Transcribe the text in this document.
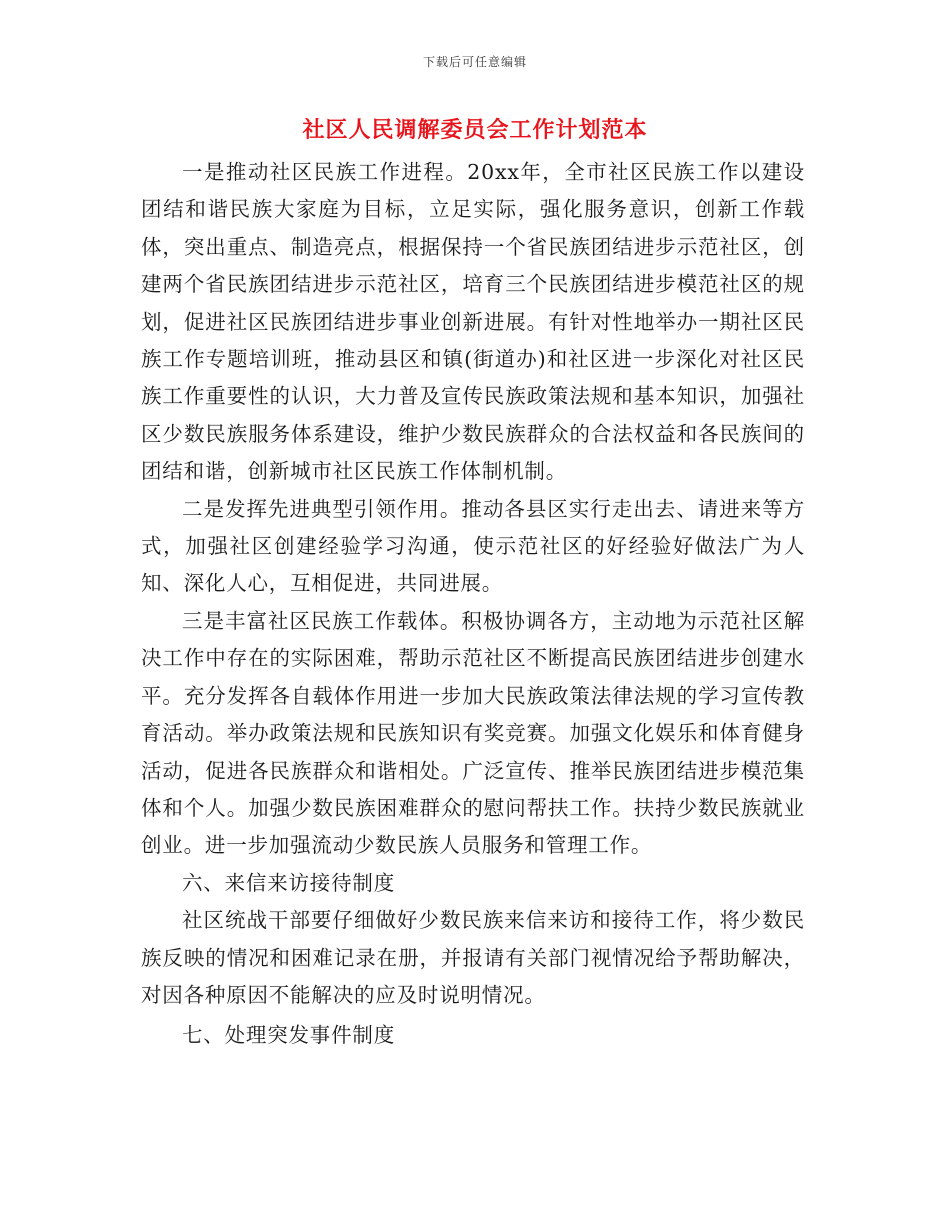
下载后可任意编辑
社区人民调解委员会工作计划范本

一是推动社区民族工作进程。20xx年，全市社区民族工作以建设团结和谐民族大家庭为目标，立足实际，强化服务意识，创新工作载体，突出重点、制造亮点，根据保持一个省民族团结进步示范社区，创建两个省民族团结进步示范社区，培育三个民族团结进步模范社区的规划，促进社区民族团结进步事业创新进展。有针对性地举办一期社区民族工作专题培训班，推动县区和镇(街道办)和社区进一步深化对社区民族工作重要性的认识，大力普及宣传民族政策法规和基本知识，加强社区少数民族服务体系建设，维护少数民族群众的合法权益和各民族间的团结和谐，创新城市社区民族工作体制机制。

二是发挥先进典型引领作用。推动各县区实行走出去、请进来等方式，加强社区创建经验学习沟通，使示范社区的好经验好做法广为人知、深化人心，互相促进，共同进展。

三是丰富社区民族工作载体。积极协调各方，主动地为示范社区解决工作中存在的实际困难，帮助示范社区不断提高民族团结进步创建水平。充分发挥各自载体作用进一步加大民族政策法律法规的学习宣传教育活动。举办政策法规和民族知识有奖竞赛。加强文化娱乐和体育健身活动，促进各民族群众和谐相处。广泛宣传、推举民族团结进步模范集体和个人。加强少数民族困难群众的慰问帮扶工作。扶持少数民族就业创业。进一步加强流动少数民族人员服务和管理工作。

六、来信来访接待制度

社区统战干部要仔细做好少数民族来信来访和接待工作，将少数民族反映的情况和困难记录在册，并报请有关部门视情况给予帮助解决，对因各种原因不能解决的应及时说明情况。

七、处理突发事件制度
